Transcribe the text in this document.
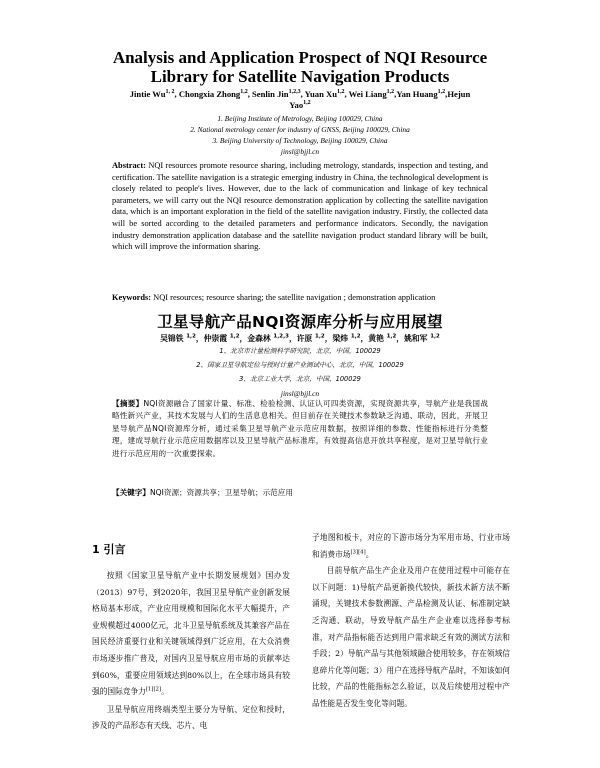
Analysis and Application Prospect of NQI Resource
Library for Satellite Navigation Products
Jintie Wu$^{1, 2}$, Chongxia Zhong$^{1,2}$, Senlin Jin$^{1,2,3}$, Yuan Xu$^{1,2}$, Wei Liang$^{1,2}$,Yan Huang$^{1,2}$,Hejun
Yao$^{1,2}$
1. Beijing Institute of Metrology, Beijing 100029, China
2. National metrology center for industry of GNSS, Beijing 100029, China
3. Beijing University of Technology, Beijing 100029, China
jinsl@bjjl.cn
Abstract: NQI resources promote resource sharing, including metrology, standards, inspection and testing, and certification. The satellite navigation is a strategic emerging industry in China, the technological development is closely related to people's lives. However, due to the lack of communication and linkage of key technical parameters, we will carry out the NQI resource demonstration application by collecting the satellite navigation data, which is an important exploration in the field of the satellite navigation industry. Firstly, the collected data will be sorted according to the detailed parameters and performance indicators. Secondly, the navigation industry demonstration application database and the satellite navigation product standard library will be built, which will improve the information sharing.
Keywords: NQI resources; resource sharing; the satellite navigation ; demonstration application
卫星导航产品NQI资源库分析与应用展望
吴锦铁 $^{1,2}$，仲崇霞 $^{1,2}$，金森林 $^{1,2,3}$，许原 $^{1,2}$，梁炜 $^{1,2}$，黄艳 $^{1,2}$，姚和军 $^{1,2}$
1、北京市计量检测科学研究院，北京，中国，100029
2、国家卫星导航定位与授时计量产业测试中心，北京，中国，100029
3、北京工业大学，北京，中国，100029
jinsl@bjjl.cn
【摘要】NQI资源融合了国家计量、标准、检验检测、认证认可四类资源，实现资源共享，导航产业是我国战略性新兴产业，其技术发展与人们的生活息息相关。但目前存在关键技术参数缺乏沟通、联动，因此，开展卫星导航产品NQI资源库分析，通过采集卫星导航产业示范应用数据，按照详细的参数、性能指标进行分类整理，建成导航行业示范应用数据库以及卫星导航产品标准库，有效提高信息开放共享程度，是对卫星导航行业进行示范应用的一次重要探索。
【关键字】NQI资源；资源共享；卫星导航；示范应用
1 引言

按照《国家卫星导航产业中长期发展规划》国办发（2013）97号，到2020年，我国卫星导航产业创新发展格局基本形成，产业应用规模和国际化水平大幅提升，产业规模超过4000亿元，北斗卫星导航系统及其兼容产品在国民经济重要行业和关键领域得到广泛应用，在大众消费市场逐步推广普及，对国内卫星导航应用市场的贡献率达到60%，重要应用领域达到80%以上，在全球市场具有较强的国际竞争力[1][2]。

卫星导航应用终端类型主要分为导航、定位和授时，涉及的产品形态有天线、芯片、电

子地图和板卡，对应的下游市场分为军用市场、行业市场和消费市场[3][4]。

目前导航产品生产企业及用户在使用过程中可能存在以下问题：1)导航产品更新换代较快，新技术新方法不断涌现，关键技术参数溯源、产品检测及认证、标准制定缺乏沟通、联动，导致导航产品生产企业难以选择参考标准，对产品指标能否达到用户需求缺乏有效的测试方法和手段；2）导航产品与其他领域融合使用较多，存在领域信息碎片化等问题；3）用户在选择导航产品时，不知该如何比较，产品的性能指标怎么验证，以及后续使用过程中产品性能是否发生变化等问题。
